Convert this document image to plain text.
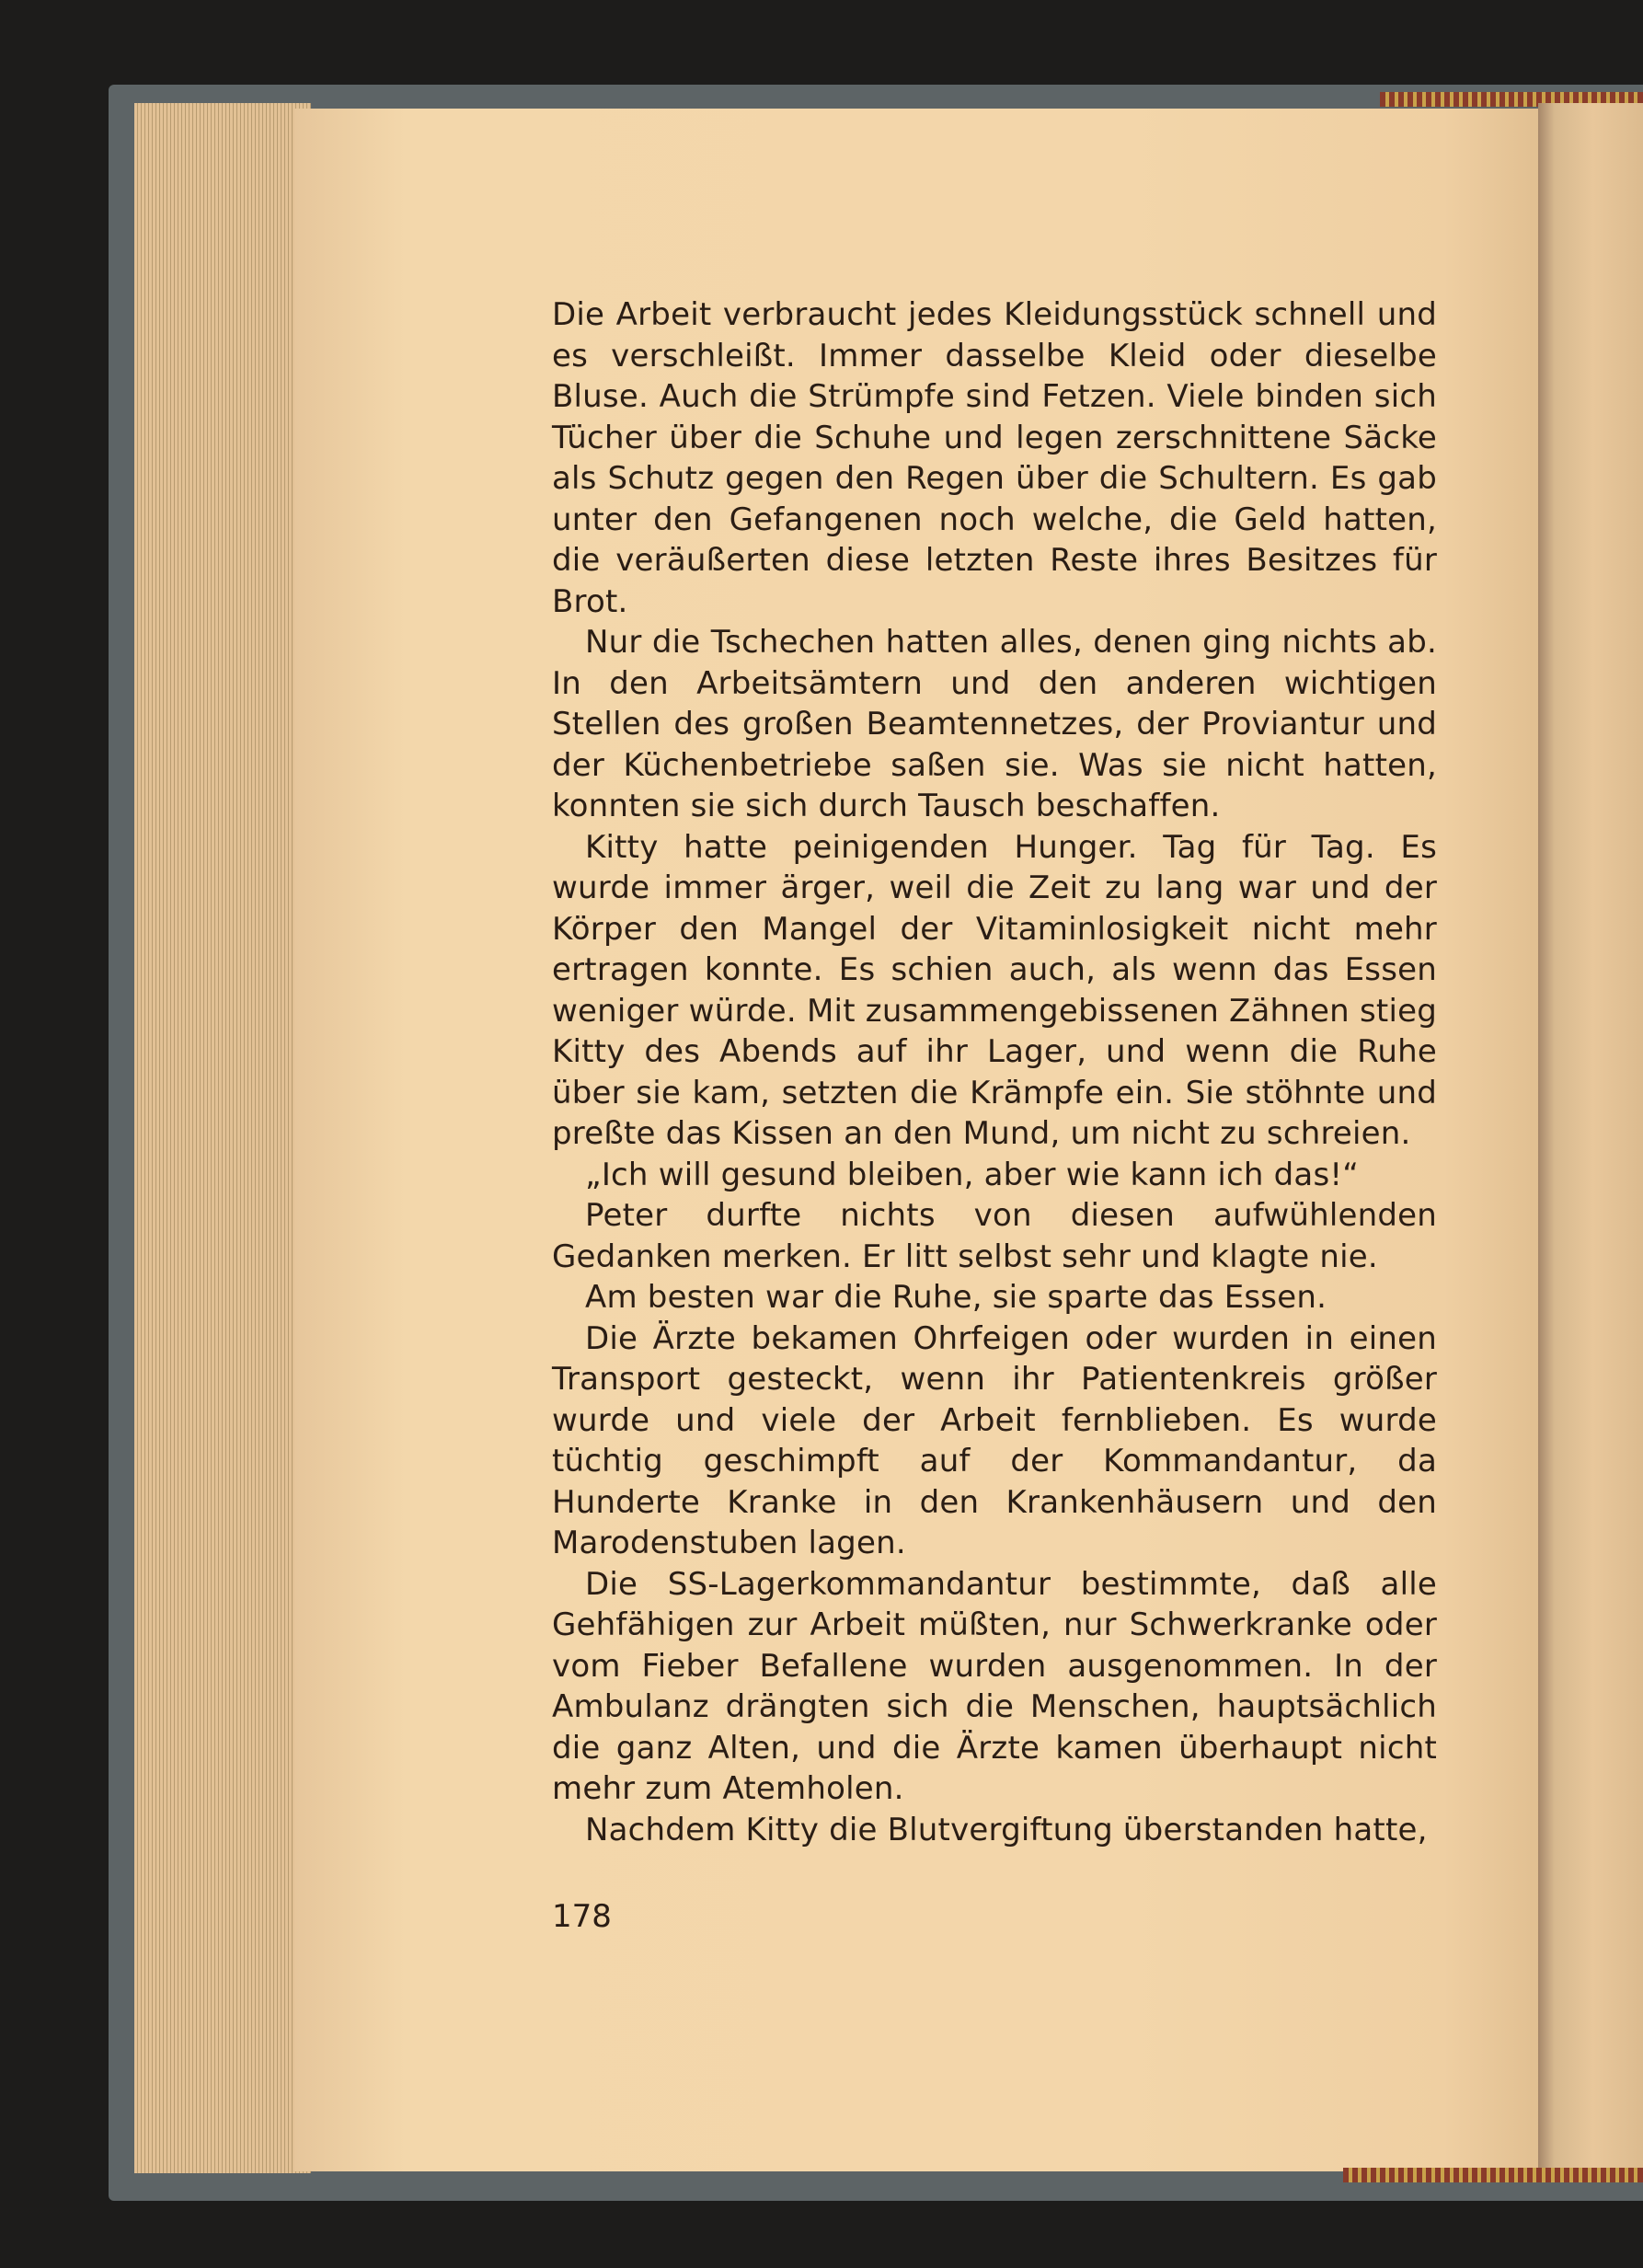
Die Arbeit verbraucht jedes Kleidungsstück schnell und es verschleißt. Immer dasselbe Kleid oder dieselbe Bluse. Auch die Strümpfe sind Fetzen. Viele binden sich Tücher über die Schuhe und legen zerschnittene Säcke als Schutz gegen den Regen über die Schultern. Es gab unter den Gefangenen noch welche, die Geld hatten, die veräußerten diese letzten Reste ihres Besitzes für Brot.

Nur die Tschechen hatten alles, denen ging nichts ab. In den Arbeitsämtern und den anderen wichtigen Stellen des großen Beamtennetzes, der Proviantur und der Küchenbetriebe saßen sie. Was sie nicht hatten, konnten sie sich durch Tausch beschaffen.

Kitty hatte peinigenden Hunger. Tag für Tag. Es wurde immer ärger, weil die Zeit zu lang war und der Körper den Mangel der Vitaminlosigkeit nicht mehr ertragen konnte. Es schien auch, als wenn das Essen weniger würde. Mit zusammengebissenen Zähnen stieg Kitty des Abends auf ihr Lager, und wenn die Ruhe über sie kam, setzten die Krämpfe ein. Sie stöhnte und preßte das Kissen an den Mund, um nicht zu schreien.

„Ich will gesund bleiben, aber wie kann ich das!“

Peter durfte nichts von diesen aufwühlenden Gedanken merken. Er litt selbst sehr und klagte nie.

Am besten war die Ruhe, sie sparte das Essen.

Die Ärzte bekamen Ohrfeigen oder wurden in einen Transport gesteckt, wenn ihr Patientenkreis größer wurde und viele der Arbeit fernblieben. Es wurde tüchtig geschimpft auf der Kommandantur, da Hunderte Kranke in den Krankenhäusern und den Marodenstuben lagen.

Die SS-Lagerkommandantur bestimmte, daß alle Gehfähigen zur Arbeit müßten, nur Schwerkranke oder vom Fieber Befallene wurden ausgenommen. In der Ambulanz drängten sich die Menschen, hauptsächlich die ganz Alten, und die Ärzte kamen überhaupt nicht mehr zum Atemholen.

Nachdem Kitty die Blutvergiftung überstanden hatte,

178
